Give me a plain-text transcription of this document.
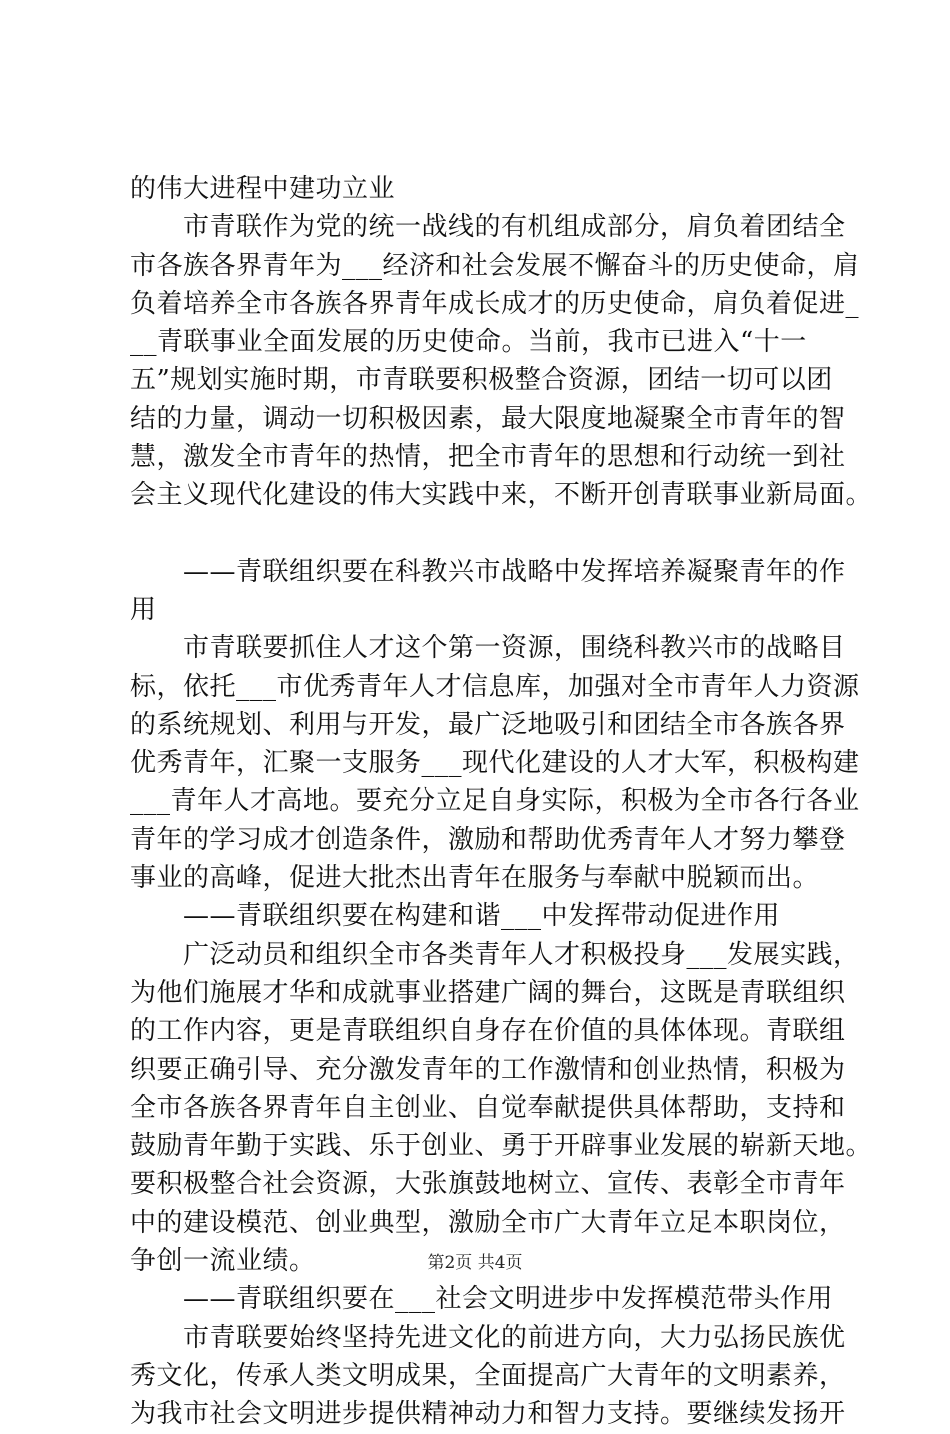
的伟大进程中建功立业
　　市青联作为党的统一战线的有机组成部分，肩负着团结全
市各族各界青年为___经济和社会发展不懈奋斗的历史使命，肩
负着培养全市各族各界青年成长成才的历史使命，肩负着促进_
__青联事业全面发展的历史使命。当前，我市已进入“十一
五”规划实施时期，市青联要积极整合资源，团结一切可以团
结的力量，调动一切积极因素，最大限度地凝聚全市青年的智
慧，激发全市青年的热情，把全市青年的思想和行动统一到社
会主义现代化建设的伟大实践中来，不断开创青联事业新局面。
　　——青联组织要在科教兴市战略中发挥培养凝聚青年的作
用
　　市青联要抓住人才这个第一资源，围绕科教兴市的战略目
标，依托___市优秀青年人才信息库，加强对全市青年人力资源
的系统规划、利用与开发，最广泛地吸引和团结全市各族各界
优秀青年，汇聚一支服务___现代化建设的人才大军，积极构建
___青年人才高地。要充分立足自身实际，积极为全市各行各业
青年的学习成才创造条件，激励和帮助优秀青年人才努力攀登
事业的高峰，促进大批杰出青年在服务与奉献中脱颖而出。
　　——青联组织要在构建和谐___中发挥带动促进作用
　　广泛动员和组织全市各类青年人才积极投身___发展实践，
为他们施展才华和成就事业搭建广阔的舞台，这既是青联组织
的工作内容，更是青联组织自身存在价值的具体体现。青联组
织要正确引导、充分激发青年的工作激情和创业热情，积极为
全市各族各界青年自主创业、自觉奉献提供具体帮助，支持和
鼓励青年勤于实践、乐于创业、勇于开辟事业发展的崭新天地。
要积极整合社会资源，大张旗鼓地树立、宣传、表彰全市青年
中的建设模范、创业典型，激励全市广大青年立足本职岗位，
争创一流业绩。
　　——青联组织要在___社会文明进步中发挥模范带头作用
　　市青联要始终坚持先进文化的前进方向，大力弘扬民族优
秀文化，传承人类文明成果，全面提高广大青年的文明素养，
为我市社会文明进步提供精神动力和智力支持。要继续发扬开
第2页 共4页
